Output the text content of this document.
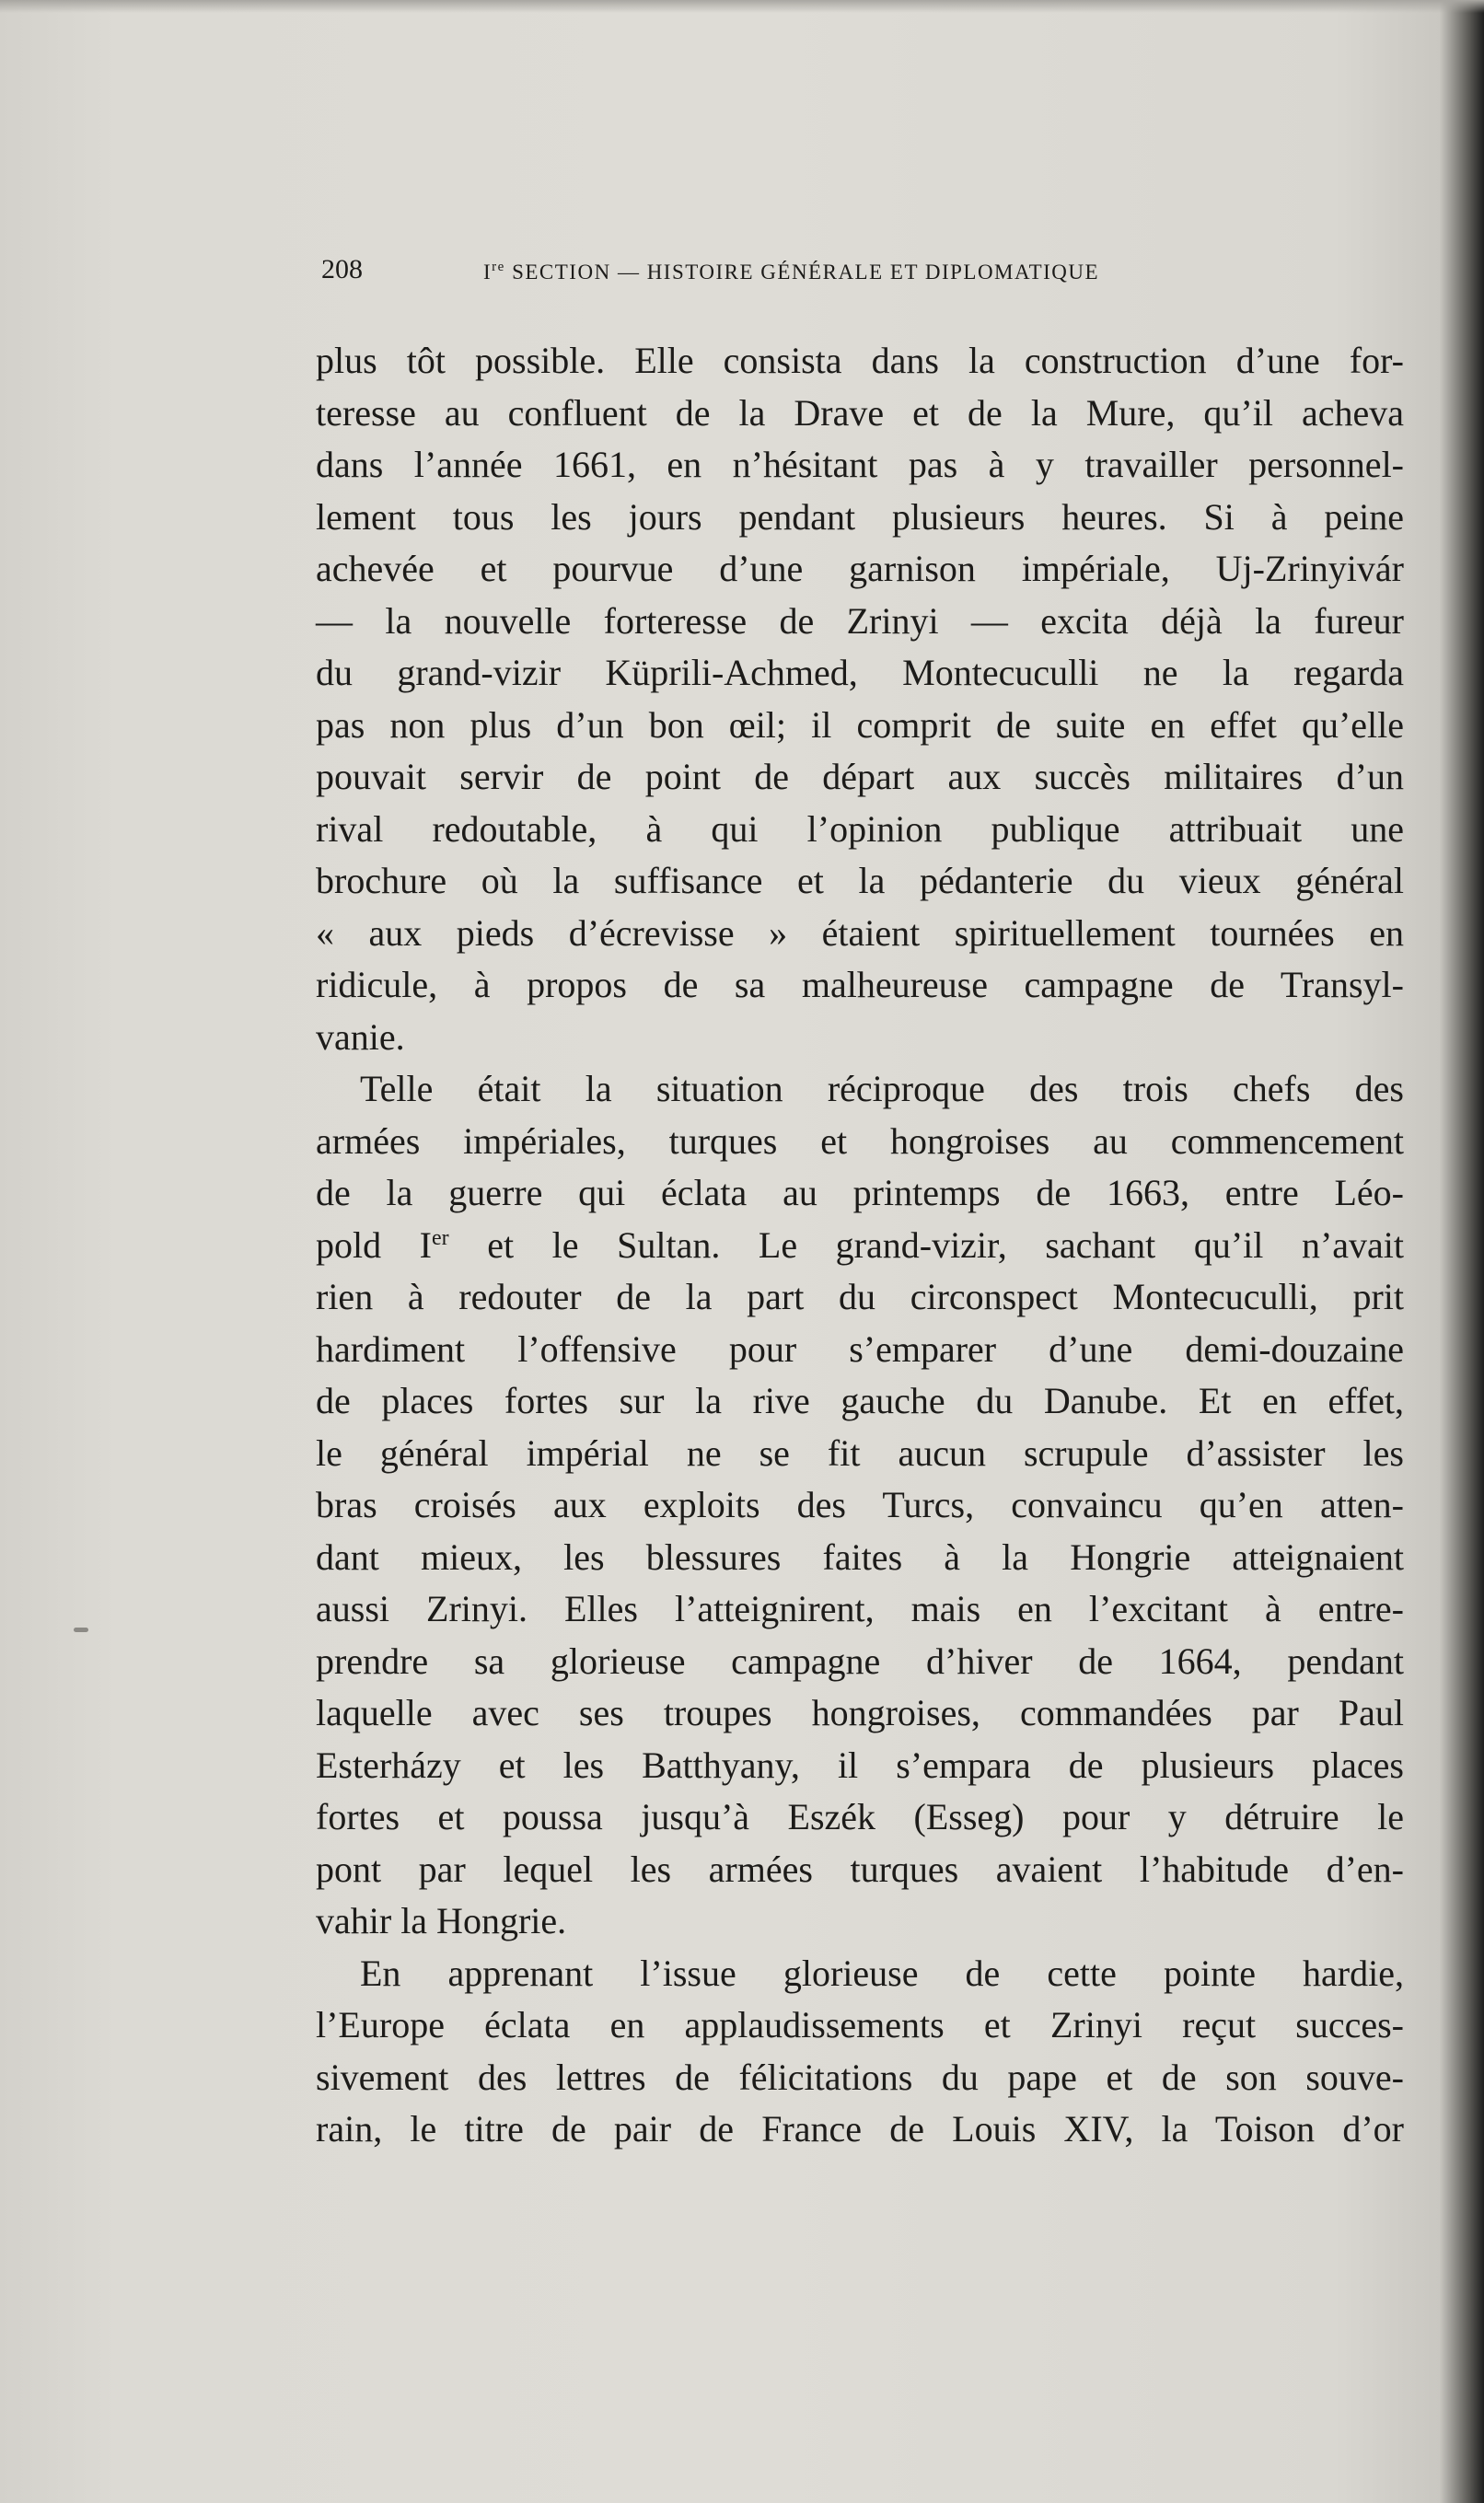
208	Ire SECTION — HISTOIRE GÉNÉRALE ET DIPLOMATIQUE
plus tôt possible. Elle consista dans la construction d’une for-
teresse au confluent de la Drave et de la Mure, qu’il acheva
dans l’année 1661, en n’hésitant pas à y travailler personnel-
lement tous les jours pendant plusieurs heures. Si à peine
achevée et pourvue d’une garnison impériale, Uj-Zrinyivár
— la nouvelle forteresse de Zrinyi — excita déjà la fureur
du grand-vizir Küprili-Achmed, Montecuculli ne la regarda
pas non plus d’un bon œil; il comprit de suite en effet qu’elle
pouvait servir de point de départ aux succès militaires d’un
rival redoutable, à qui l’opinion publique attribuait une
brochure où la suffisance et la pédanterie du vieux général
« aux pieds d’écrevisse » étaient spirituellement tournées en
ridicule, à propos de sa malheureuse campagne de Transyl-
vanie.
Telle était la situation réciproque des trois chefs des
armées impériales, turques et hongroises au commencement
de la guerre qui éclata au printemps de 1663, entre Léo-
pold Ier et le Sultan. Le grand-vizir, sachant qu’il n’avait
rien à redouter de la part du circonspect Montecuculli, prit
hardiment l’offensive pour s’emparer d’une demi-douzaine
de places fortes sur la rive gauche du Danube. Et en effet,
le général impérial ne se fit aucun scrupule d’assister les
bras croisés aux exploits des Turcs, convaincu qu’en atten-
dant mieux, les blessures faites à la Hongrie atteignaient
aussi Zrinyi. Elles l’atteignirent, mais en l’excitant à entre-
prendre sa glorieuse campagne d’hiver de 1664, pendant
laquelle avec ses troupes hongroises, commandées par Paul
Esterházy et les Batthyany, il s’empara de plusieurs places
fortes et poussa jusqu’à Eszék (Esseg) pour y détruire le
pont par lequel les armées turques avaient l’habitude d’en-
vahir la Hongrie.
En apprenant l’issue glorieuse de cette pointe hardie,
l’Europe éclata en applaudissements et Zrinyi reçut succes-
sivement des lettres de félicitations du pape et de son souve-
rain, le titre de pair de France de Louis XIV, la Toison d’or
